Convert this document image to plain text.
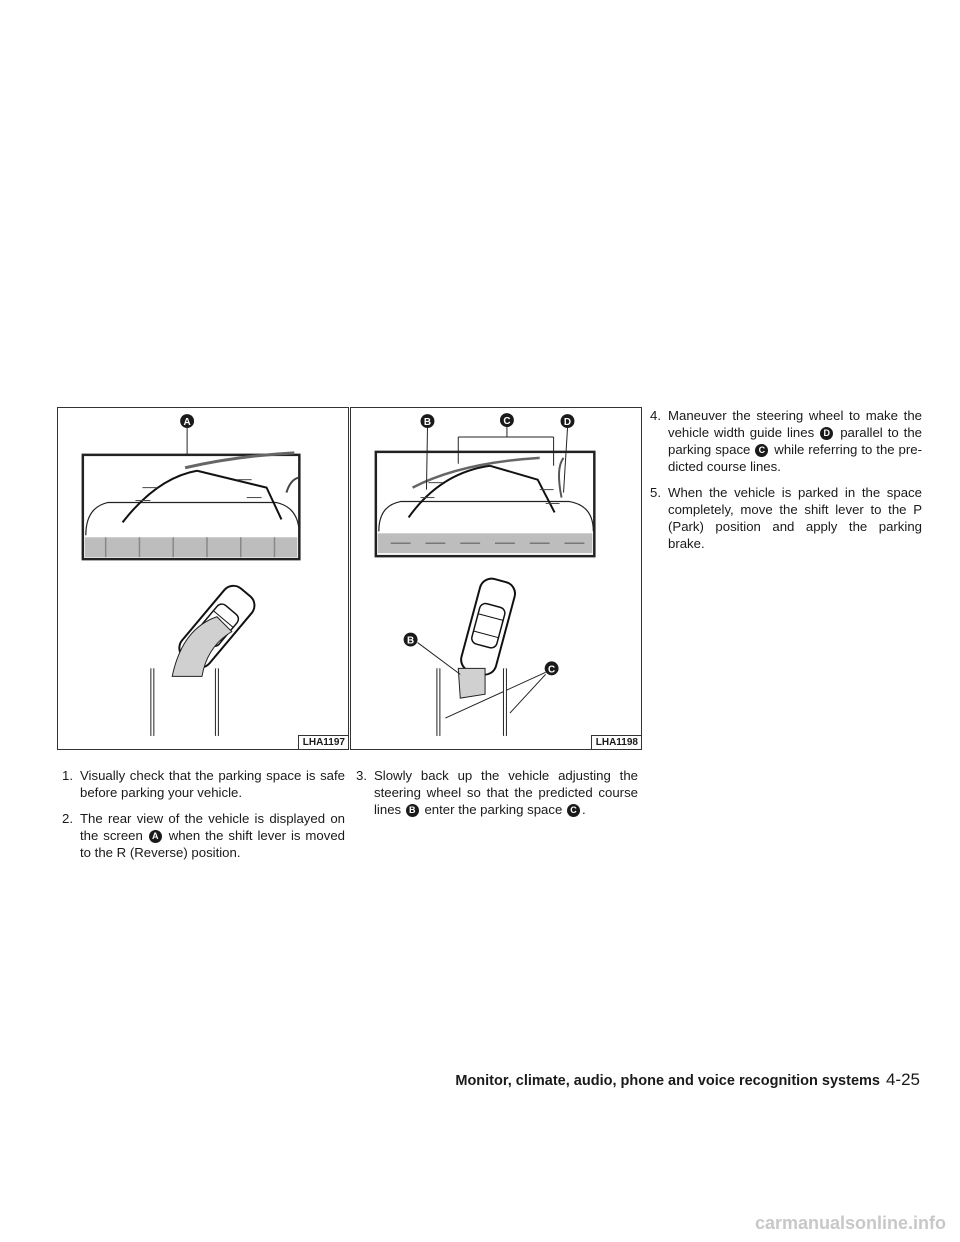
A
LHA1197
B	C	D
B
C
LHA1198

1. Visually check that the parking space is safe before parking your vehicle.

2. The rear view of the vehicle is displayed on the screen A when the shift lever is moved to the R (Reverse) position.

3. Slowly back up the vehicle adjusting the steering wheel so that the predicted course lines B enter the parking space C .

4. Maneuver the steering wheel to make the vehicle width guide lines D parallel to the parking space C while referring to the pre-dicted course lines.

5. When the vehicle is parked in the space completely, move the shift lever to the P (Park) position and apply the parking brake.

Monitor, climate, audio, phone and voice recognition systems 4-25
carmanualsonline.info
